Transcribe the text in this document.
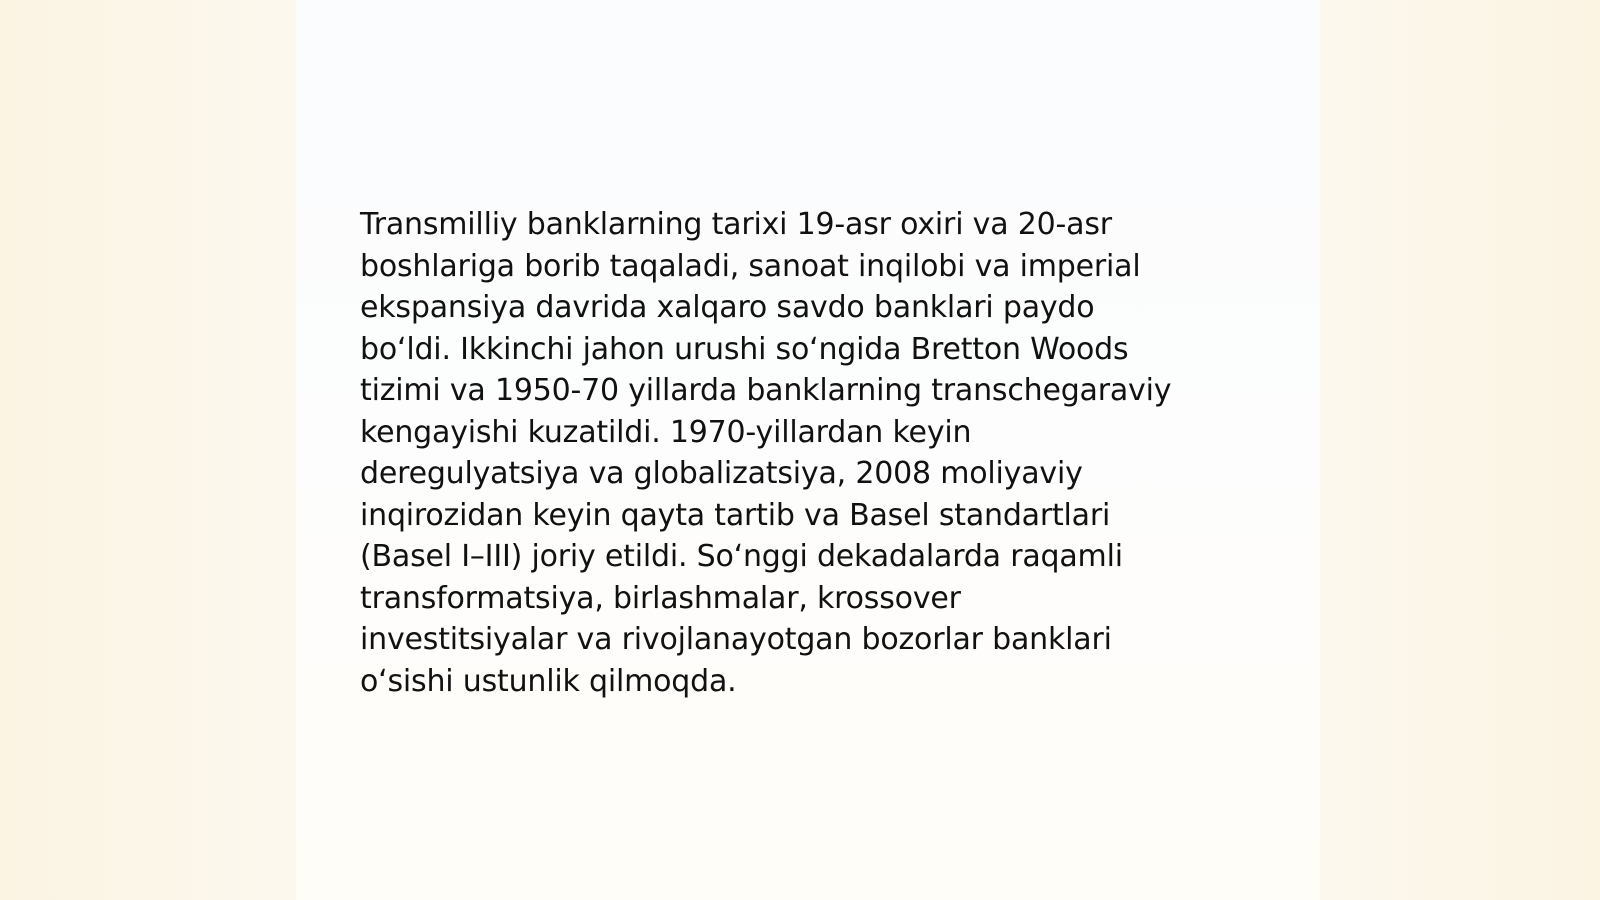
Transmilliy banklarning tarixi 19-asr oxiri va 20-asr
boshlariga borib taqaladi, sanoat inqilobi va imperial
ekspansiya davrida xalqaro savdo banklari paydo
bo‘ldi. Ikkinchi jahon urushi so‘ngida Bretton Woods
tizimi va 1950-70 yillarda banklarning transchegaraviy
kengayishi kuzatildi. 1970-yillardan keyin
deregulyatsiya va globalizatsiya, 2008 moliyaviy
inqirozidan keyin qayta tartib va Basel standartlari
(Basel I–III) joriy etildi. So‘nggi dekadalarda raqamli
transformatsiya, birlashmalar, krossover
investitsiyalar va rivojlanayotgan bozorlar banklari
o‘sishi ustunlik qilmoqda.
